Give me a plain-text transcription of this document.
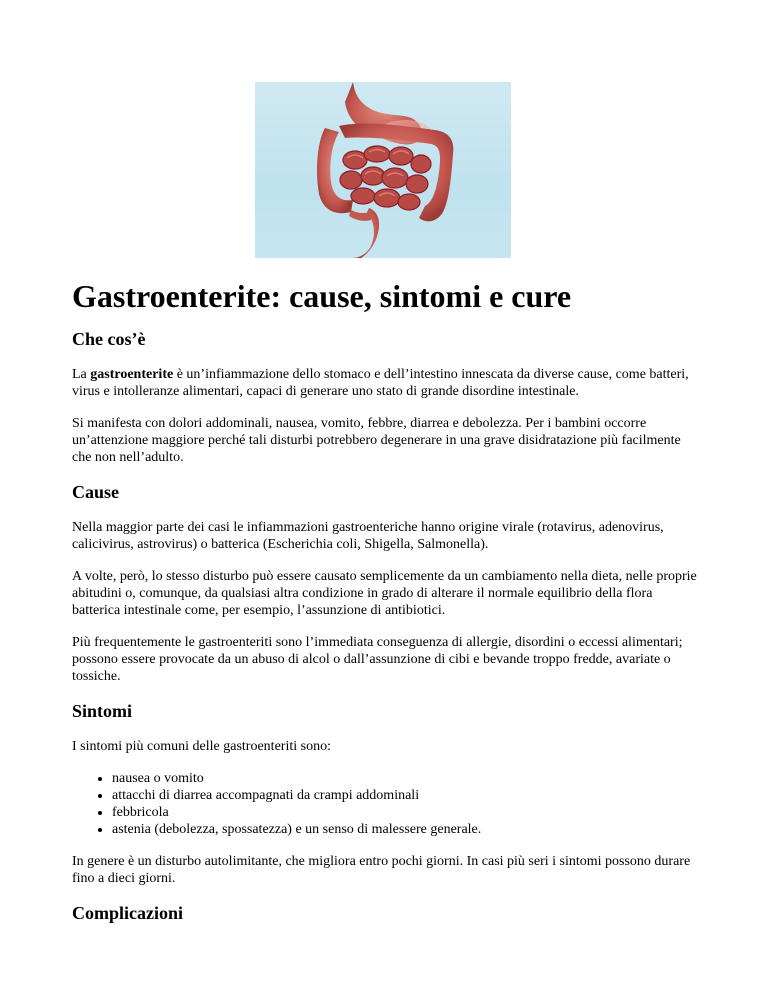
Gastroenterite: cause, sintomi e cure
Che cos’è

La gastroenterite è un’infiammazione dello stomaco e dell’intestino innescata da diverse cause, come batteri, virus e intolleranze alimentari, capaci di generare uno stato di grande disordine intestinale.

Si manifesta con dolori addominali, nausea, vomito, febbre, diarrea e debolezza. Per i bambini occorre un’attenzione maggiore perché tali disturbi potrebbero degenerare in una grave disidratazione più facilmente che non nell’adulto.

Cause

Nella maggior parte dei casi le infiammazioni gastroenteriche hanno origine virale (rotavirus, adenovirus, calicivirus, astrovirus) o batterica (Escherichia coli, Shigella, Salmonella).

A volte, però, lo stesso disturbo può essere causato semplicemente da un cambiamento nella dieta, nelle proprie abitudini o, comunque, da qualsiasi altra condizione in grado di alterare il normale equilibrio della flora batterica intestinale come, per esempio, l’assunzione di antibiotici.

Più frequentemente le gastroenteriti sono l’immediata conseguenza di allergie, disordini o eccessi alimentari; possono essere provocate da un abuso di alcol o dall’assunzione di cibi e bevande troppo fredde, avariate o tossiche.

Sintomi

I sintomi più comuni delle gastroenteriti sono:

• nausea o vomito
• attacchi di diarrea accompagnati da crampi addominali
• febbricola
• astenia (debolezza, spossatezza) e un senso di malessere generale.

In genere è un disturbo autolimitante, che migliora entro pochi giorni. In casi più seri i sintomi possono durare fino a dieci giorni.

Complicazioni
